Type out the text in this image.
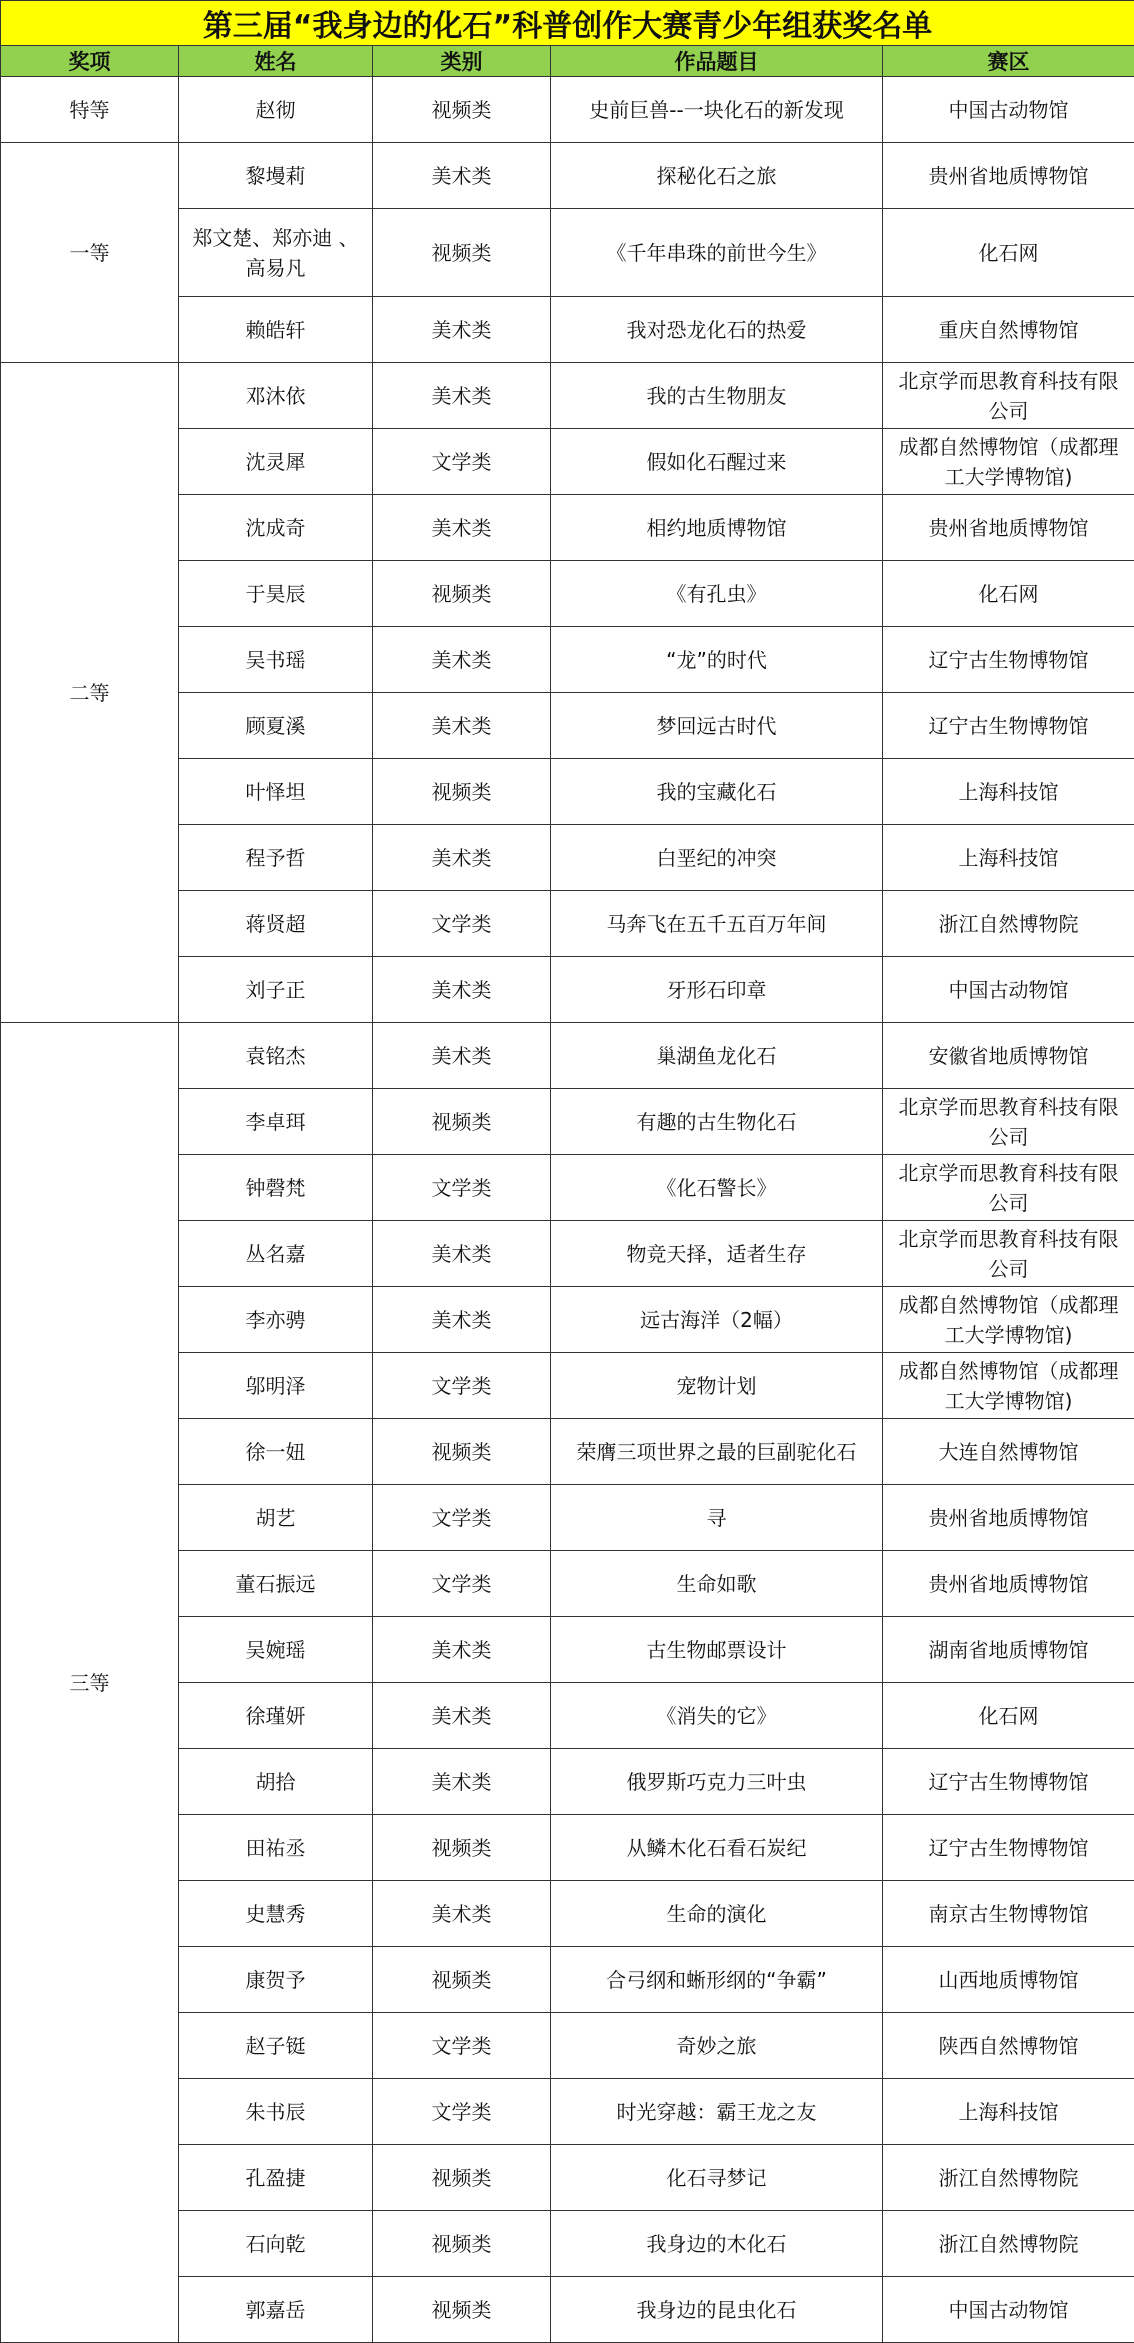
第三届“我身边的化石”科普创作大赛青少年组获奖名单				
奖项	姓名	类别	作品题目	赛区
特等	赵彻	视频类	史前巨兽--一块化石的新发现	中国古动物馆
一等	黎墁莉	美术类	探秘化石之旅	贵州省地质博物馆
	郑文楚、郑亦迪 、高易凡	视频类	《千年串珠的前世今生》	化石网
	赖皓轩	美术类	我对恐龙化石的热爱	重庆自然博物馆
二等	邓沐依	美术类	我的古生物朋友	北京学而思教育科技有限公司
	沈灵犀	文学类	假如化石醒过来	成都自然博物馆（成都理工大学博物馆)
	沈成奇	美术类	相约地质博物馆	贵州省地质博物馆
	于昊辰	视频类	《有孔虫》	化石网
	吴书瑶	美术类	“龙”的时代	辽宁古生物博物馆
	顾夏溪	美术类	梦回远古时代	辽宁古生物博物馆
	叶怿坦	视频类	我的宝藏化石	上海科技馆
	程予哲	美术类	白垩纪的冲突	上海科技馆
	蒋贤超	文学类	马奔飞在五千五百万年间	浙江自然博物院
	刘子正	美术类	牙形石印章	中国古动物馆
三等	袁铭杰	美术类	巢湖鱼龙化石	安徽省地质博物馆
	李卓珥	视频类	有趣的古生物化石	北京学而思教育科技有限公司
	钟磬梵	文学类	《化石警长》	北京学而思教育科技有限公司
	丛名嘉	美术类	物竞天择，适者生存	北京学而思教育科技有限公司
	李亦骋	美术类	远古海洋（2幅）	成都自然博物馆（成都理工大学博物馆)
	邬明泽	文学类	宠物计划	成都自然博物馆（成都理工大学博物馆)
	徐一妞	视频类	荣膺三项世界之最的巨副驼化石	大连自然博物馆
	胡艺	文学类	寻	贵州省地质博物馆
	董石振远	文学类	生命如歌	贵州省地质博物馆
	吴婉瑶	美术类	古生物邮票设计	湖南省地质博物馆
	徐瑾妍	美术类	《消失的它》	化石网
	胡拾	美术类	俄罗斯巧克力三叶虫	辽宁古生物博物馆
	田祐丞	视频类	从鳞木化石看石炭纪	辽宁古生物博物馆
	史慧秀	美术类	生命的演化	南京古生物博物馆
	康贺予	视频类	合弓纲和蜥形纲的“争霸”	山西地质博物馆
	赵子铤	文学类	奇妙之旅	陕西自然博物馆
	朱书辰	文学类	时光穿越：霸王龙之友	上海科技馆
	孔盈捷	视频类	化石寻梦记	浙江自然博物院
	石向乾	视频类	我身边的木化石	浙江自然博物院
	郭嘉岳	视频类	我身边的昆虫化石	中国古动物馆
